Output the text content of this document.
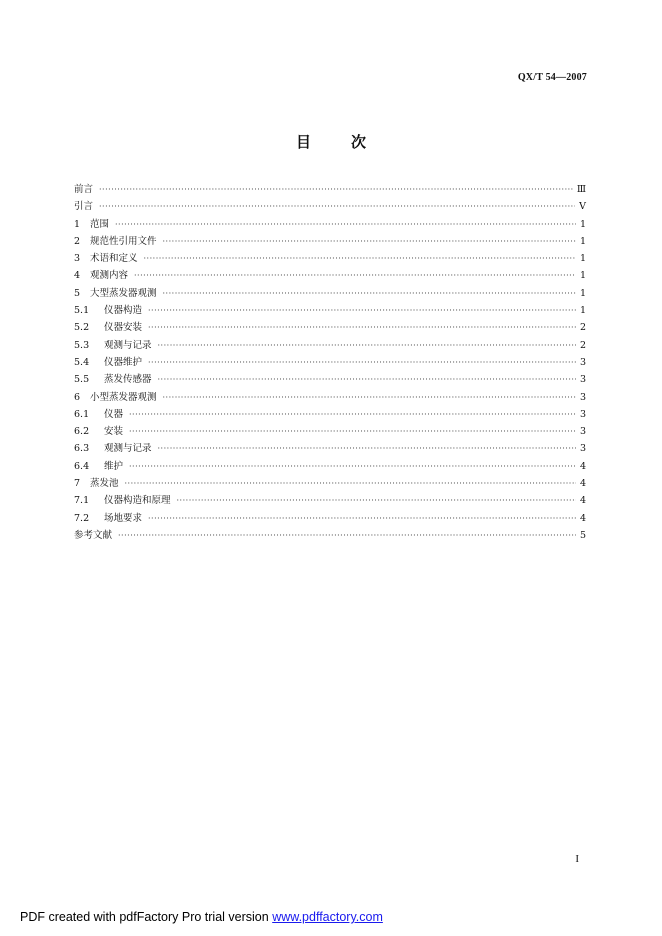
QX/T 54—2007
目	次
前言 ·····	Ⅲ
引言 ·····	Ⅴ
1	范围 ·····	1
2	规范性引用文件 ·····	1
3	术语和定义 ·····	1
4	观测内容 ·····	1
5	大型蒸发器观测 ·····	1
5.1	仪器构造 ·····	1
5.2	仪器安装 ·····	2
5.3	观测与记录 ·····	2
5.4	仪器维护 ·····	3
5.5	蒸发传感器 ·····	3
6	小型蒸发器观测 ·····	3
6.1	仪器 ·····	3
6.2	安装 ·····	3
6.3	观测与记录 ·····	3
6.4	维护 ·····	4
7	蒸发池 ·····	4
7.1	仪器构造和原理 ·····	4
7.2	场地要求 ·····	4
参考文献 ·····	5
I
PDF created with pdfFactory Pro trial version www.pdffactory.com
